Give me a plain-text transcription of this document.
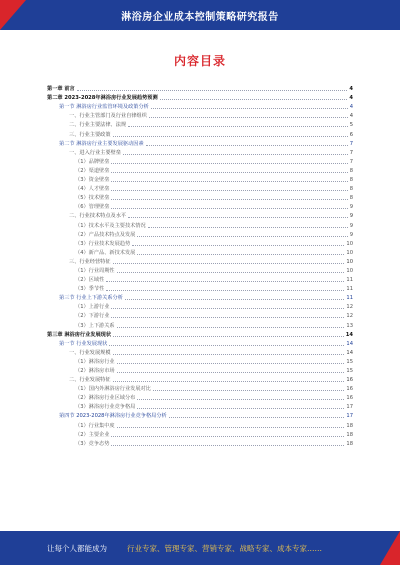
淋浴房企业成本控制策略研究报告
内容目录
第一章 前言	4
第二章 2023-2028年淋浴房行业发展趋势预测	4
第一节 淋浴房行业监管环境及政策分析	4
一、行业主管部门及行业自律组织	4
二、行业主要法律、法规	5
三、行业主要政策	6
第二节 淋浴房行业主要发展驱动因素	7
一、进入行业主要壁垒	7
（1）品牌壁垒	7
（2）渠道壁垒	8
（3）资金壁垒	8
（4）人才壁垒	8
（5）技术壁垒	8
（6）管理壁垒	9
二、行业技术特点及水平	9
（1）技术水平及主要技术情况	9
（2）产品技术特点及发展	9
（3）行业技术发展趋势	10
（4）新产品、新技术发展	10
三、行业经营特征	10
（1）行业周期性	10
（2）区域性	11
（3）季节性	11
第三节 行业上下游关系分析	11
（1）上游行业	12
（2）下游行业	12
（3）上下游关系	13
第三章 淋浴房行业发展现状	14
第一节 行业发展现状	14
一、行业发展规模	14
（1）淋浴房行业	15
（2）淋浴房市场	15
二、行业发展特征	16
（1）国内外淋浴房行业发展对比	16
（2）淋浴房行业区域分布	16
（3）淋浴房行业竞争格局	17
第四节 2023-2028年淋浴房行业竞争格局分析	17
（1）行业集中度	18
（2）主要企业	18
（3）竞争态势	18
让每个人都能成为	行业专家、管理专家、营销专家、战略专家、成本专家……
